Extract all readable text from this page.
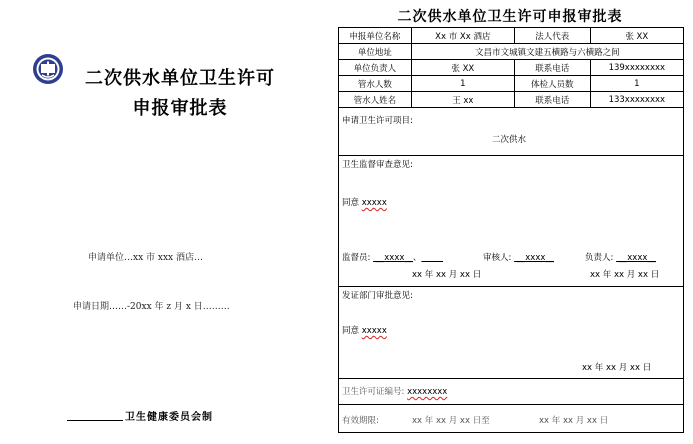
二次供水单位卫生许可
申报审批表
申请单位…xx 市 xxx 酒店…
申请日期……-20xx 年 z 月 x 日………
卫生健康委员会制
二次供水单位卫生许可申报审批表
申报单位名称	Xx 市 Xx 酒店	法人代表	张 XX
单位地址	文昌市文城镇文建五横路与六横路之间		
单位负责人	张 XX	联系电话	139xxxxxxxx
管水人数	1	体检人员数	1
管水人姓名	王 xx	联系电话	133xxxxxxxx
申请卫生许可项目:
二次供水
卫生监督审查意见:
同意 xxxxx
监督员:  __xxxx__、	审核人:  __xxxx__	负责人:  __xxxx__
xx 年 xx 月 xx 日	xx 年 xx 月 xx 日
发证部门审批意见:
同意 xxxxx
xx 年 xx 月 xx 日
卫生许可证编号: xxxxxxxx
有效期限:	xx 年 xx 月 xx 日至	xx 年 xx 月 xx 日
